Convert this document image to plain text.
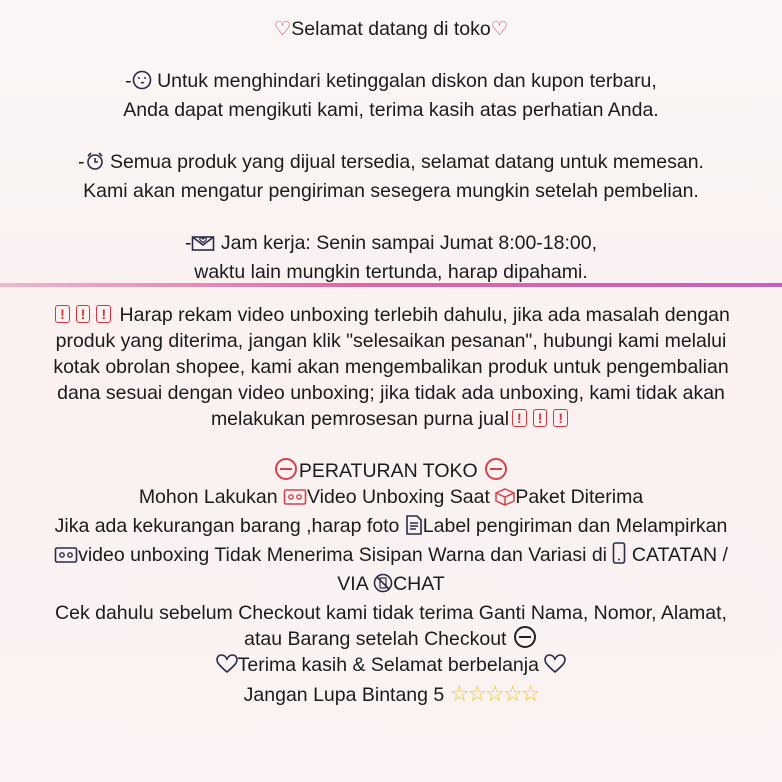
♡Selamat datang di toko♡
- Untuk menghindari ketinggalan diskon dan kupon terbaru,
Anda dapat mengikuti kami, terima kasih atas perhatian Anda.
- Semua produk yang dijual tersedia, selamat datang untuk memesan.
Kami akan mengatur pengiriman sesegera mungkin setelah pembelian.
- Jam kerja: Senin sampai Jumat 8:00-18:00,
waktu lain mungkin tertunda, harap dipahami.
! ! ! Harap rekam video unboxing terlebih dahulu, jika ada masalah dengan
produk yang diterima, jangan klik "selesaikan pesanan", hubungi kami melalui
kotak obrolan shopee, kami akan mengembalikan produk untuk pengembalian
dana sesuai dengan video unboxing; jika tidak ada unboxing, kami tidak akan
melakukan pemrosesan purna jual ! ! !
PERATURAN TOKO
Mohon Lakukan Video Unboxing Saat Paket Diterima
Jika ada kekurangan barang ,harap foto Label pengiriman dan Melampirkan
video unboxing Tidak Menerima Sisipan Warna dan Variasi di CATATAN /
VIA CHAT
Cek dahulu sebelum Checkout kami tidak terima Ganti Nama, Nomor, Alamat,
atau Barang setelah Checkout
Terima kasih & Selamat berbelanja
Jangan Lupa Bintang 5 ☆☆☆☆☆
